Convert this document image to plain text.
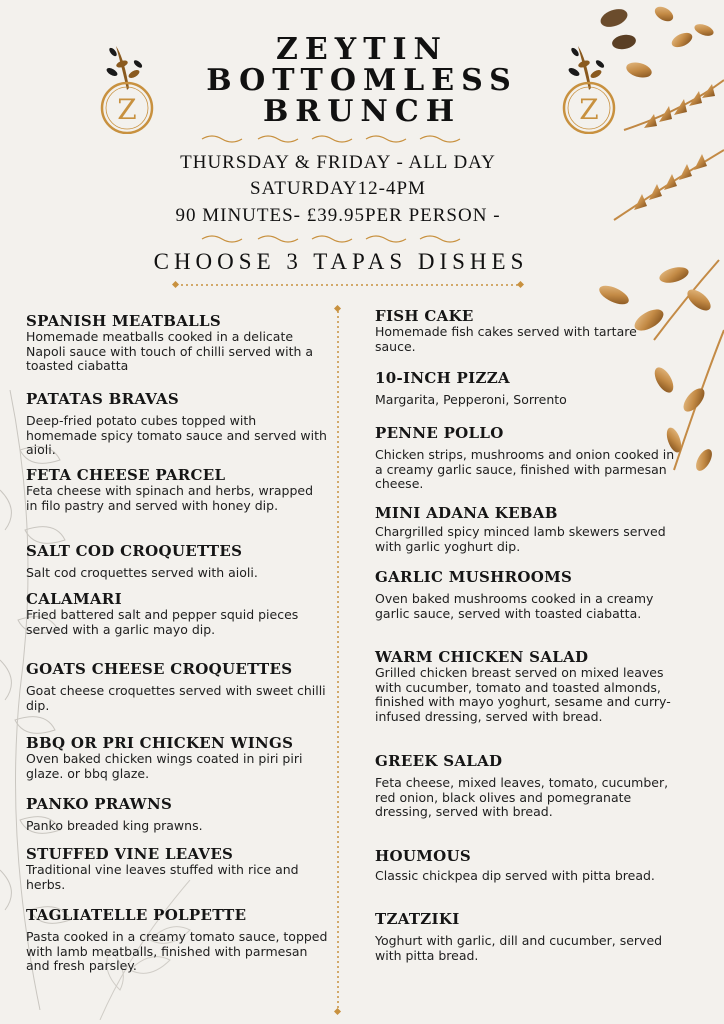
Z	Z
ZEYTIN
BOTTOMLESS
BRUNCH
THURSDAY & FRIDAY - ALL DAY
SATURDAY12-4PM
90 MINUTES- £39.95PER PERSON -
CHOOSE 3 TAPAS DISHES
SPANISH MEATBALLS
Homemade meatballs cooked in a delicate Napoli sauce with touch of chilli served with a toasted ciabatta
PATATAS BRAVAS
Deep-fried potato cubes topped with homemade spicy tomato sauce and served with aioli.
FETA CHEESE PARCEL
Feta cheese with spinach and herbs, wrapped in filo pastry and served with honey dip.
SALT COD CROQUETTES
Salt cod croquettes served with aioli.
CALAMARI
Fried battered salt and pepper squid pieces served with a garlic mayo dip.
GOATS CHEESE CROQUETTES
Goat cheese croquettes served with sweet chilli dip.
BBQ OR PRI CHICKEN WINGS
Oven baked chicken wings coated in piri piri glaze. or bbq glaze.
PANKO PRAWNS
Panko breaded king prawns.
STUFFED VINE LEAVES
Traditional vine leaves stuffed with rice and herbs.
TAGLIATELLE POLPETTE
Pasta cooked in a creamy tomato sauce, topped with lamb meatballs, finished with parmesan and fresh parsley.
FISH CAKE
Homemade fish cakes served with tartare sauce.
10-INCH PIZZA
Margarita, Pepperoni, Sorrento
PENNE POLLO
Chicken strips, mushrooms and onion cooked in a creamy garlic sauce, finished with parmesan cheese.
MINI ADANA KEBAB
Chargrilled spicy minced lamb skewers served with garlic yoghurt dip.
GARLIC MUSHROOMS
Oven baked mushrooms cooked in a creamy garlic sauce, served with toasted ciabatta.
WARM CHICKEN SALAD
Grilled chicken breast served on mixed leaves with cucumber, tomato and toasted almonds, finished with mayo yoghurt, sesame and curry-infused dressing, served with bread.
GREEK SALAD
Feta cheese, mixed leaves, tomato, cucumber, red onion, black olives and pomegranate dressing, served with bread.
HOUMOUS
Classic chickpea dip served with pitta bread.
TZATZIKI
Yoghurt with garlic, dill and cucumber, served with pitta bread.
